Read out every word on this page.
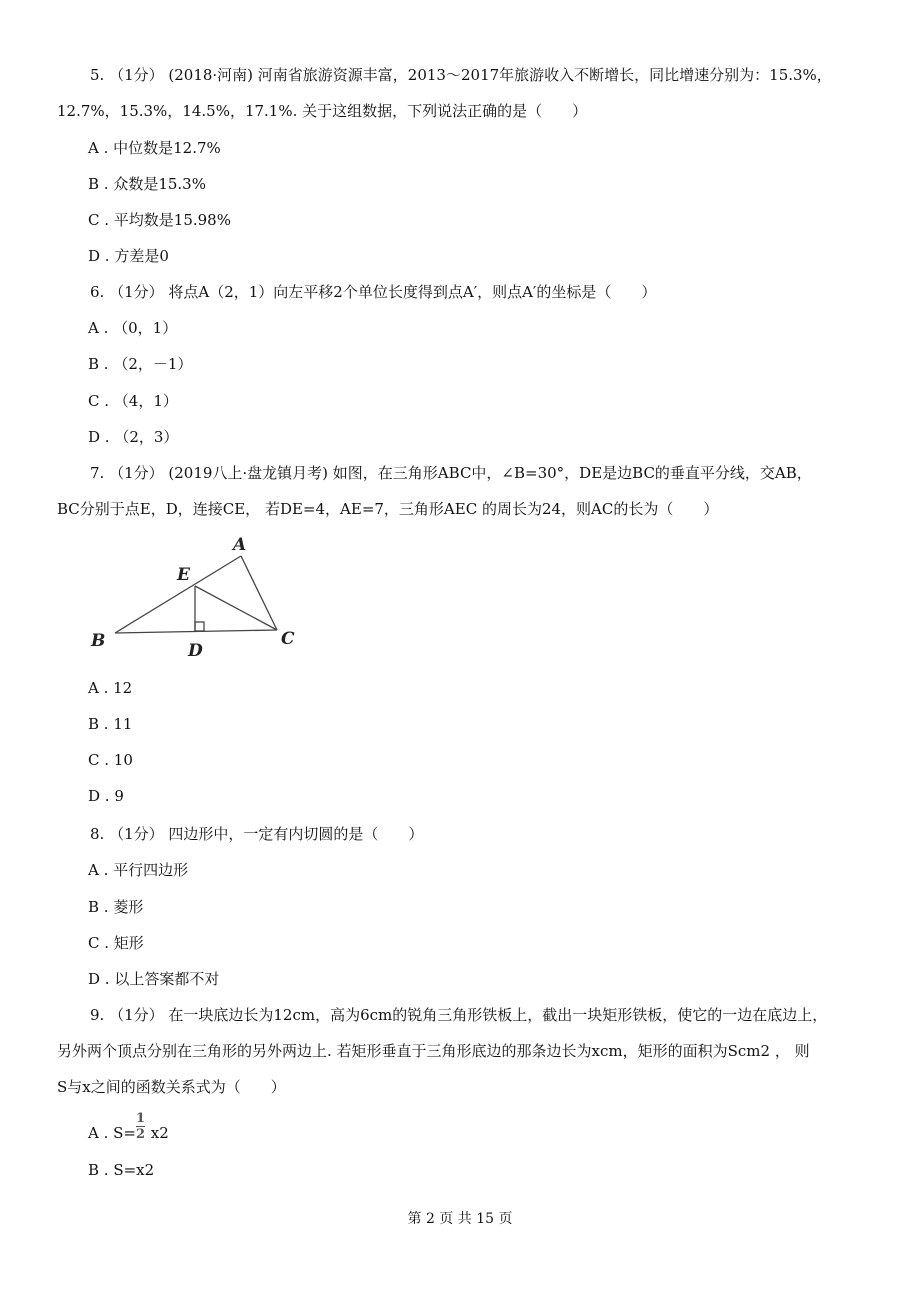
5. （1分） (2018·河南) 河南省旅游资源丰富，2013～2017年旅游收入不断增长，同比增速分别为：15.3%，
12.7%，15.3%，14.5%，17.1%. 关于这组数据，下列说法正确的是（　　）
A . 中位数是12.7%
B . 众数是15.3%
C . 平均数是15.98%
D . 方差是0
6. （1分） 将点A（2，1）向左平移2个单位长度得到点A′，则点A′的坐标是（　　）
A . （0，1）
B . （2，－1）
C . （4，1）
D . （2，3）
7. （1分） (2019八上·盘龙镇月考) 如图，在三角形ABC中，∠B=30°，DE是边BC的垂直平分线，交AB，
BC分别于点E，D，连接CE， 若DE=4，AE=7，三角形AEC 的周长为24，则AC的长为（　　）
A
E
B	D
C
A . 12
B . 11
C . 10
D . 9
8. （1分） 四边形中，一定有内切圆的是（　　）
A . 平行四边形
B . 菱形
C . 矩形
D . 以上答案都不对
9. （1分） 在一块底边长为12cm，高为6cm的锐角三角形铁板上，截出一块矩形铁板，使它的一边在底边上，
另外两个顶点分别在三角形的另外两边上. 若矩形垂直于三角形底边的那条边长为xcm，矩形的面积为Scm2 ， 则
S与x之间的函数关系式为（　　）
A . $S= \frac{1}{2} x2$
B . S=x2
第 2 页 共 15 页
